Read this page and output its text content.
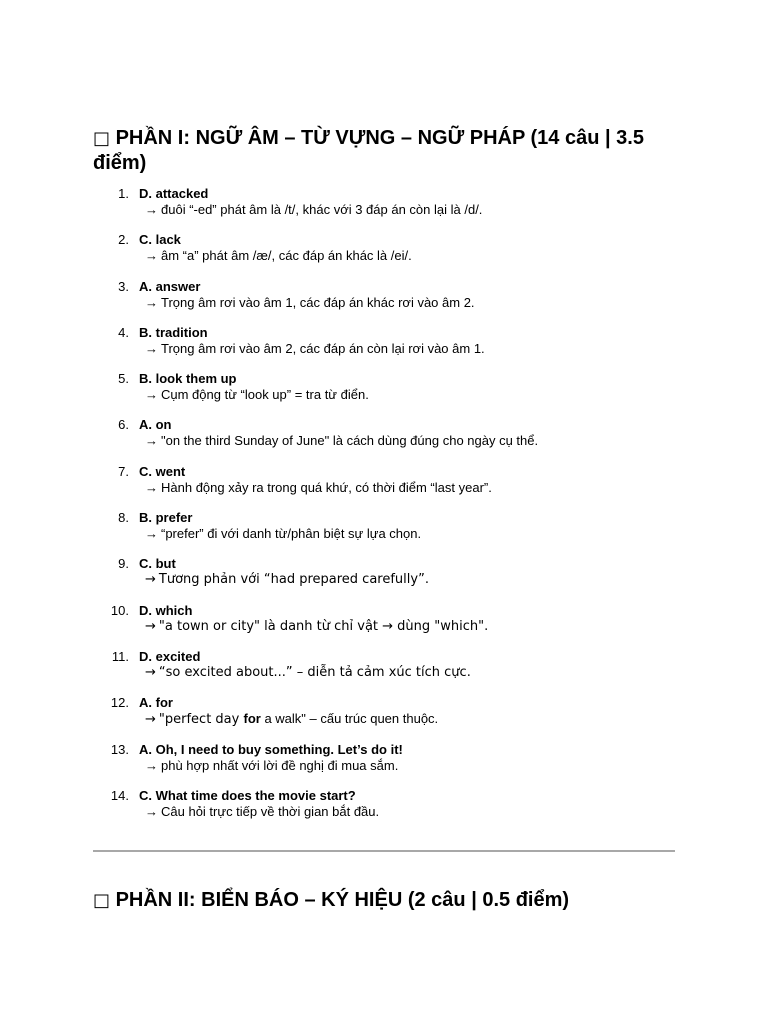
□ PHẦN I: NGỮ ÂM – TỪ VỰNG – NGỮ PHÁP (14 câu | 3.5 điểm)
1. D. attacked
→ đuôi “-ed” phát âm là /t/, khác với 3 đáp án còn lại là /d/.
2. C. lack
→ âm “a” phát âm /æ/, các đáp án khác là /ei/.
3. A. answer
→ Trọng âm rơi vào âm 1, các đáp án khác rơi vào âm 2.
4. B. tradition
→ Trọng âm rơi vào âm 2, các đáp án còn lại rơi vào âm 1.
5. B. look them up
→ Cụm động từ “look up” = tra từ điển.
6. A. on
→ "on the third Sunday of June" là cách dùng đúng cho ngày cụ thể.
7. C. went
→ Hành động xảy ra trong quá khứ, có thời điểm “last year”.
8. B. prefer
→ “prefer” đi với danh từ/phân biệt sự lựa chọn.
9. C. but
→ Tương phản với “had prepared carefully”.
10. D. which
→ "a town or city" là danh từ chỉ vật → dùng "which".
11. D. excited
→ “so excited about...” – diễn tả cảm xúc tích cực.
12. A. for
→ "perfect day for a walk" – cấu trúc quen thuộc.
13. A. Oh, I need to buy something. Let’s do it!
→ phù hợp nhất với lời đề nghị đi mua sắm.
14. C. What time does the movie start?
→ Câu hỏi trực tiếp về thời gian bắt đầu.
□ PHẦN II: BIỂN BÁO – KÝ HIỆU (2 câu | 0.5 điểm)
